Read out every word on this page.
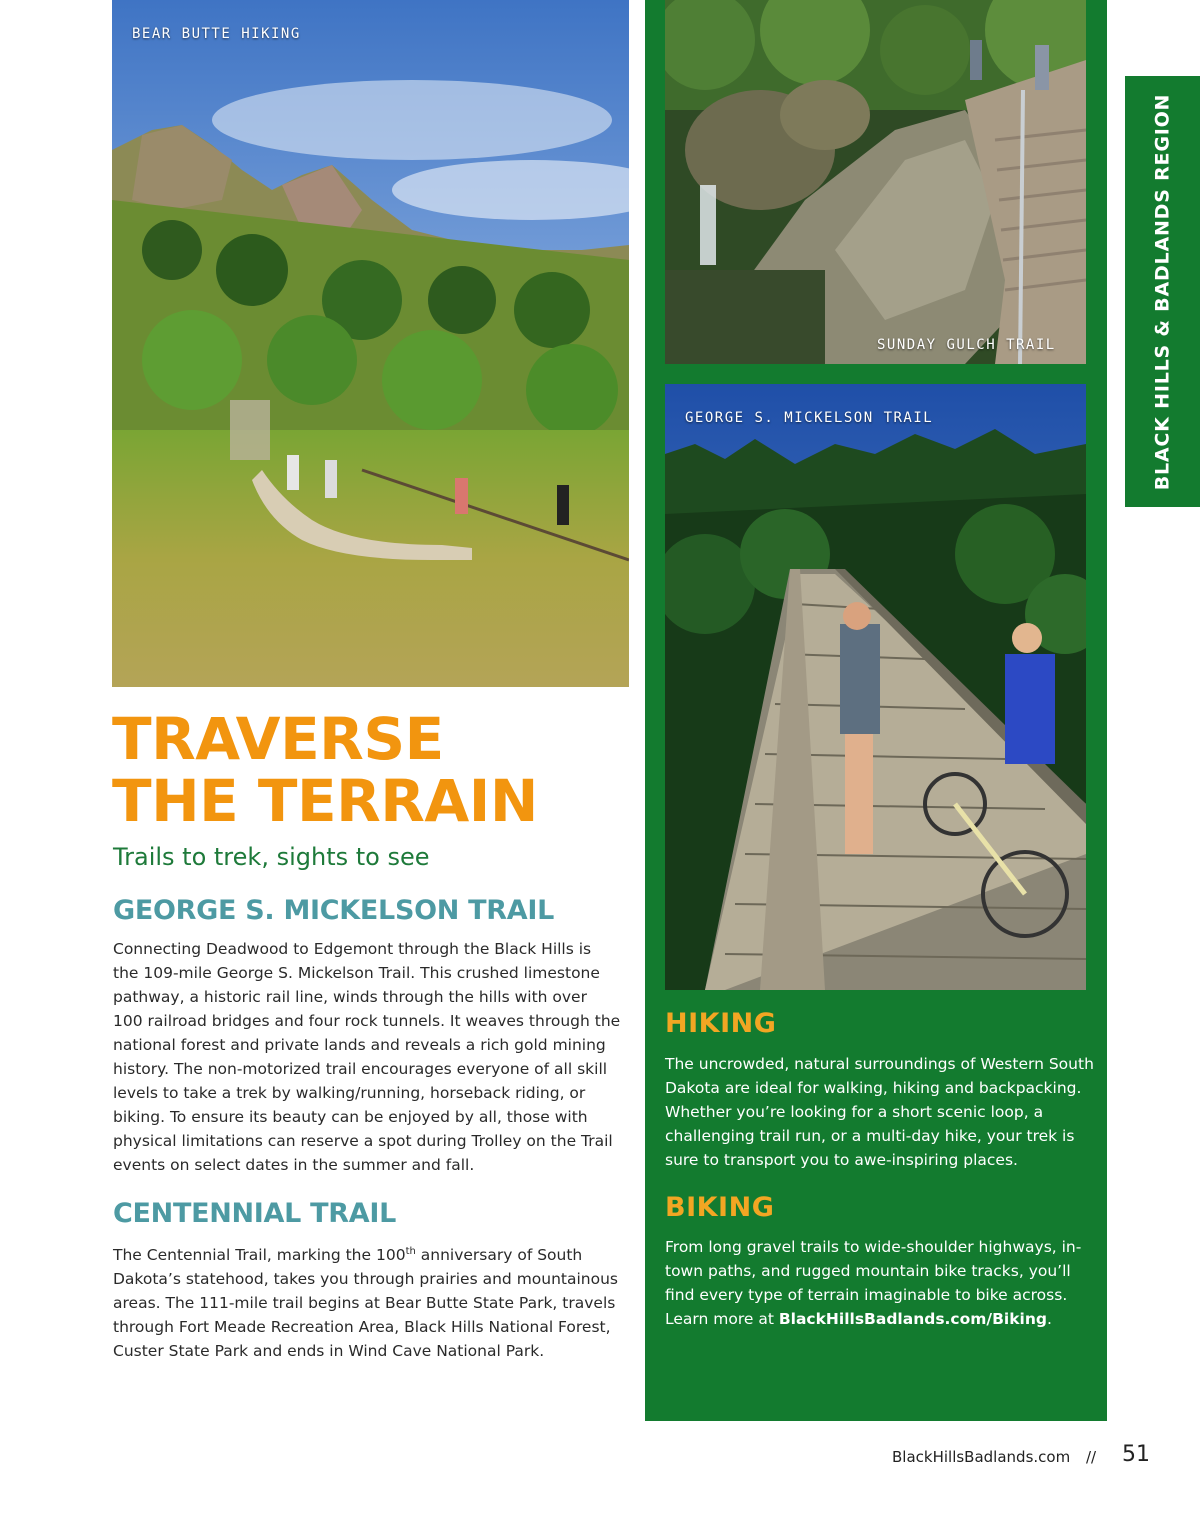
BEAR BUTTE HIKING
TRAVERSE
THE TERRAIN
Trails to trek, sights to see
GEORGE S. MICKELSON TRAIL
Connecting Deadwood to Edgemont through the Black Hills is the 109-mile George S. Mickelson Trail. This crushed limestone pathway, a historic rail line, winds through the hills with over 100 railroad bridges and four rock tunnels. It weaves through the national forest and private lands and reveals a rich gold mining history. The non-motorized trail encourages everyone of all skill levels to take a trek by walking/running, horseback riding, or biking. To ensure its beauty can be enjoyed by all, those with physical limitations can reserve a spot during Trolley on the Trail events on select dates in the summer and fall.
CENTENNIAL TRAIL
The Centennial Trail, marking the 100th anniversary of South Dakota’s statehood, takes you through prairies and mountainous areas. The 111-mile trail begins at Bear Butte State Park, travels through Fort Meade Recreation Area, Black Hills National Forest, Custer State Park and ends in Wind Cave National Park.
SUNDAY GULCH TRAIL
GEORGE S. MICKELSON TRAIL
HIKING
The uncrowded, natural surroundings of Western South Dakota are ideal for walking, hiking and backpacking. Whether you’re looking for a short scenic loop, a challenging trail run, or a multi-day hike, your trek is sure to transport you to awe-inspiring places.
BIKING
From long gravel trails to wide-shoulder highways, in-town paths, and rugged mountain bike tracks, you’ll find every type of terrain imaginable to bike across. Learn more at BlackHillsBadlands.com/Biking.
BLACK HILLS & BADLANDS REGION
BlackHillsBadlands.com // 51
